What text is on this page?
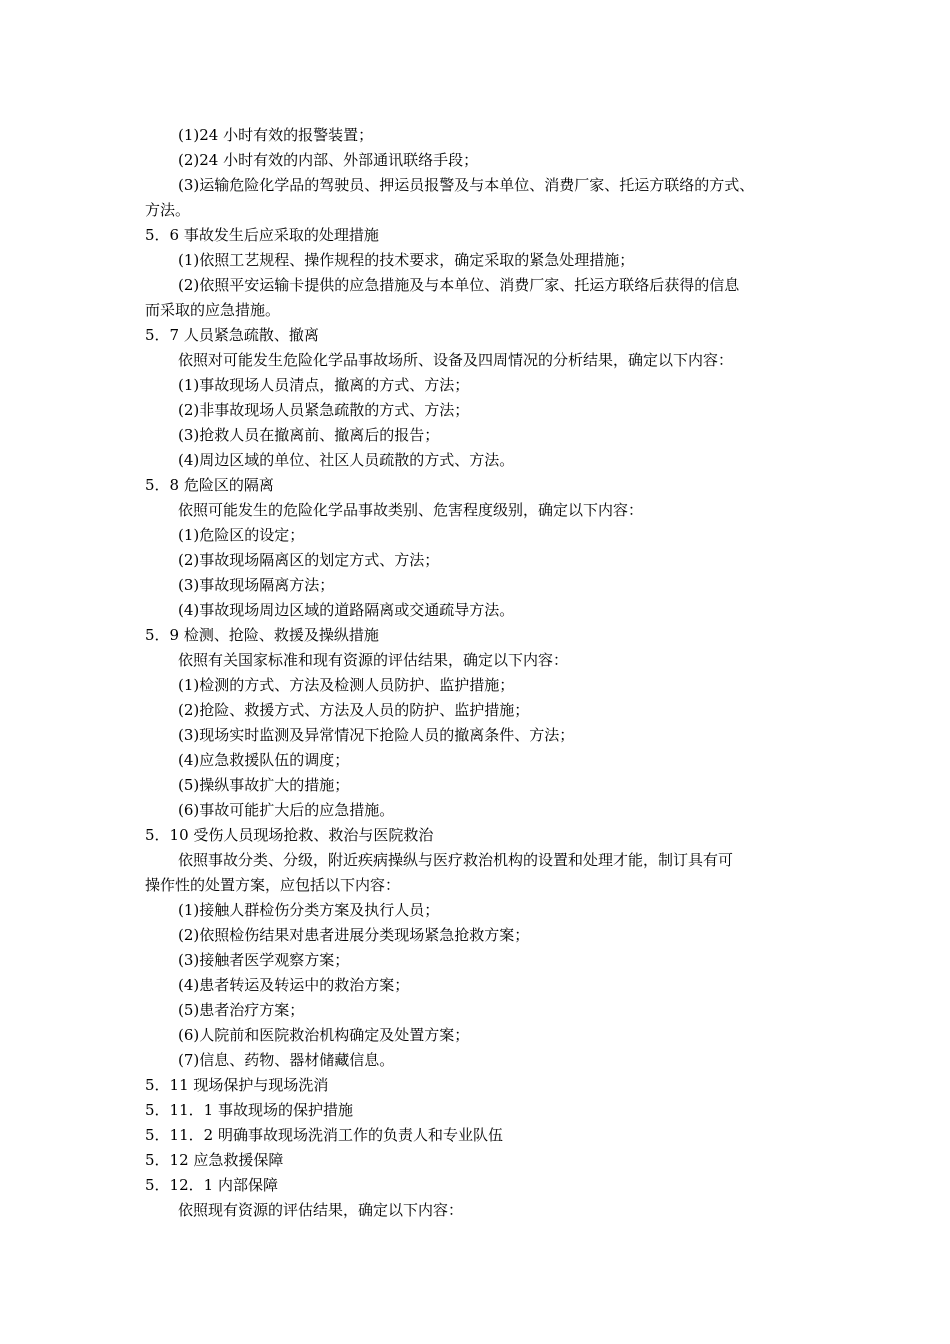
(1)24 小时有效的报警装置；
(2)24 小时有效的内部、外部通讯联络手段；
(3)运输危险化学品的驾驶员、押运员报警及与本单位、消费厂家、托运方联络的方式、
方法。
5．6 事故发生后应采取的处理措施
(1)依照工艺规程、操作规程的技术要求，确定采取的紧急处理措施；
(2)依照平安运输卡提供的应急措施及与本单位、消费厂家、托运方联络后获得的信息
而采取的应急措施。
5．7 人员紧急疏散、撤离
依照对可能发生危险化学品事故场所、设备及四周情况的分析结果，确定以下内容：
(1)事故现场人员清点，撤离的方式、方法；
(2)非事故现场人员紧急疏散的方式、方法；
(3)抢救人员在撤离前、撤离后的报告；
(4)周边区域的单位、社区人员疏散的方式、方法。
5．8 危险区的隔离
依照可能发生的危险化学品事故类别、危害程度级别，确定以下内容：
(1)危险区的设定；
(2)事故现场隔离区的划定方式、方法；
(3)事故现场隔离方法；
(4)事故现场周边区域的道路隔离或交通疏导方法。
5．9 检测、抢险、救援及操纵措施
依照有关国家标准和现有资源的评估结果，确定以下内容：
(1)检测的方式、方法及检测人员防护、监护措施；
(2)抢险、救援方式、方法及人员的防护、监护措施；
(3)现场实时监测及异常情况下抢险人员的撤离条件、方法；
(4)应急救援队伍的调度；
(5)操纵事故扩大的措施；
(6)事故可能扩大后的应急措施。
5．10 受伤人员现场抢救、救治与医院救治
依照事故分类、分级，附近疾病操纵与医疗救治机构的设置和处理才能，制订具有可
操作性的处置方案，应包括以下内容：
(1)接触人群检伤分类方案及执行人员；
(2)依照检伤结果对患者进展分类现场紧急抢救方案；
(3)接触者医学观察方案；
(4)患者转运及转运中的救治方案；
(5)患者治疗方案；
(6)人院前和医院救治机构确定及处置方案；
(7)信息、药物、器材储藏信息。
5．11 现场保护与现场洗消
5．11．1 事故现场的保护措施
5．11．2 明确事故现场洗消工作的负责人和专业队伍
5．12 应急救援保障
5．12．1 内部保障
依照现有资源的评估结果，确定以下内容：
